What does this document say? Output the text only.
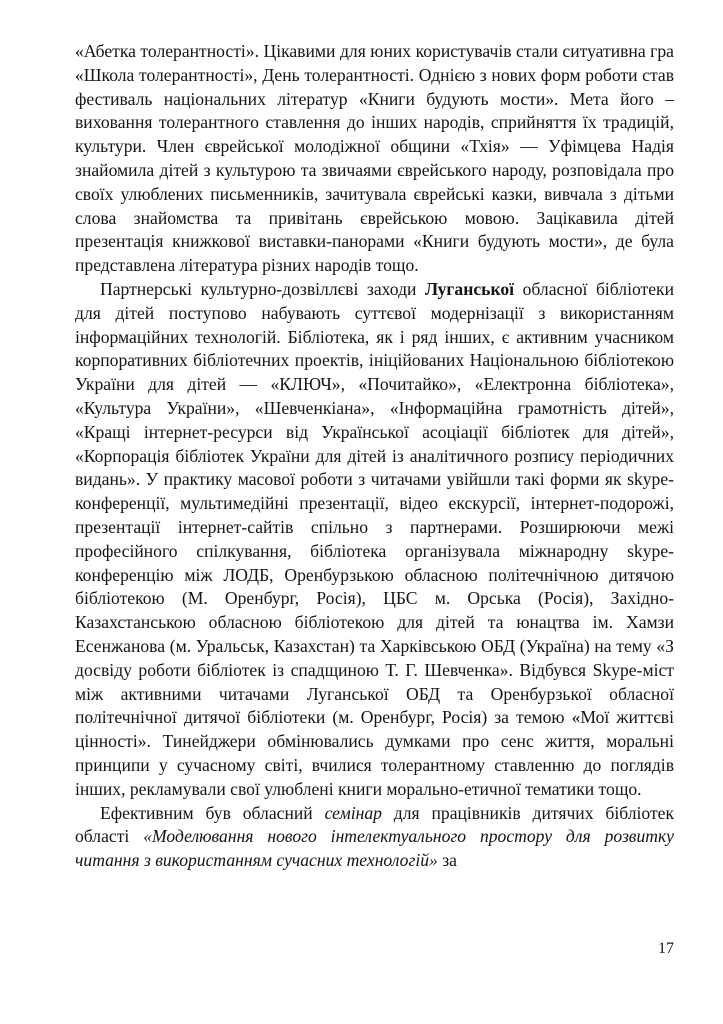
«Абетка толерантності». Цікавими для юних користувачів стали ситуативна гра «Школа толерантності», День толерантності. Однією з нових форм роботи став фестиваль національних літератур «Книги будують мости». Мета його – виховання толерантного ставлення до інших народів, сприйняття їх традицій, культури. Член єврейської молодіжної общини «Тхія» — Уфімцева Надія знайомила дітей з культурою та звичаями єврейського народу, розповідала про своїх улюблених письменників, зачитувала єврейські казки, вивчала з дітьми слова знайомства та привітань єврейською мовою. Зацікавила дітей презентація книжкової виставки-панорами «Книги будують мости», де була представлена література різних народів тощо.

Партнерські культурно-дозвіллєві заходи Луганської обласної бібліотеки для дітей поступово набувають суттєвої модернізації з використанням інформаційних технологій. Бібліотека, як і ряд інших, є активним учасником корпоративних бібліотечних проектів, ініційованих Національною бібліотекою України для дітей — «КЛЮЧ», «Почитайко», «Електронна бібліотека», «Культура України», «Шевченкіана», «Інформаційна грамотність дітей», «Кращі інтернет-ресурси від Української асоціації бібліотек для дітей», «Корпорація бібліотек України для дітей із аналітичного розпису періодичних видань». У практику масової роботи з читачами увійшли такі форми як skype-конференції, мультимедійні презентації, відео екскурсії, інтернет-подорожі, презентації інтернет-сайтів спільно з партнерами. Розширюючи межі професійного спілкування, бібліотека організувала міжнародну skype-конференцію між ЛОДБ, Оренбурзькою обласною політечнічною дитячою бібліотекою (М. Оренбург, Росія), ЦБС м. Орська (Росія), Західно-Казахстанською обласною бібліотекою для дітей та юнацтва ім. Хамзи Есенжанова (м. Уральськ, Казахстан) та Харківською ОБД (Україна) на тему «З досвіду роботи бібліотек із спадщиною Т. Г. Шевченка». Відбувся Skype-міст між активними читачами Луганської ОБД та Оренбурзької обласної політечнічної дитячої бібліотеки (м. Оренбург, Росія) за темою «Мої життєві цінності». Тинейджери обмінювались думками про сенс життя, моральні принципи у сучасному світі, вчилися толерантному ставленню до поглядів інших, рекламували свої улюблені книги морально-етичної тематики тощо.

Ефективним був обласний семінар для працівників дитячих бібліотек області «Моделювання нового інтелектуального простору для розвитку читання з використанням сучасних технологій» за

17
